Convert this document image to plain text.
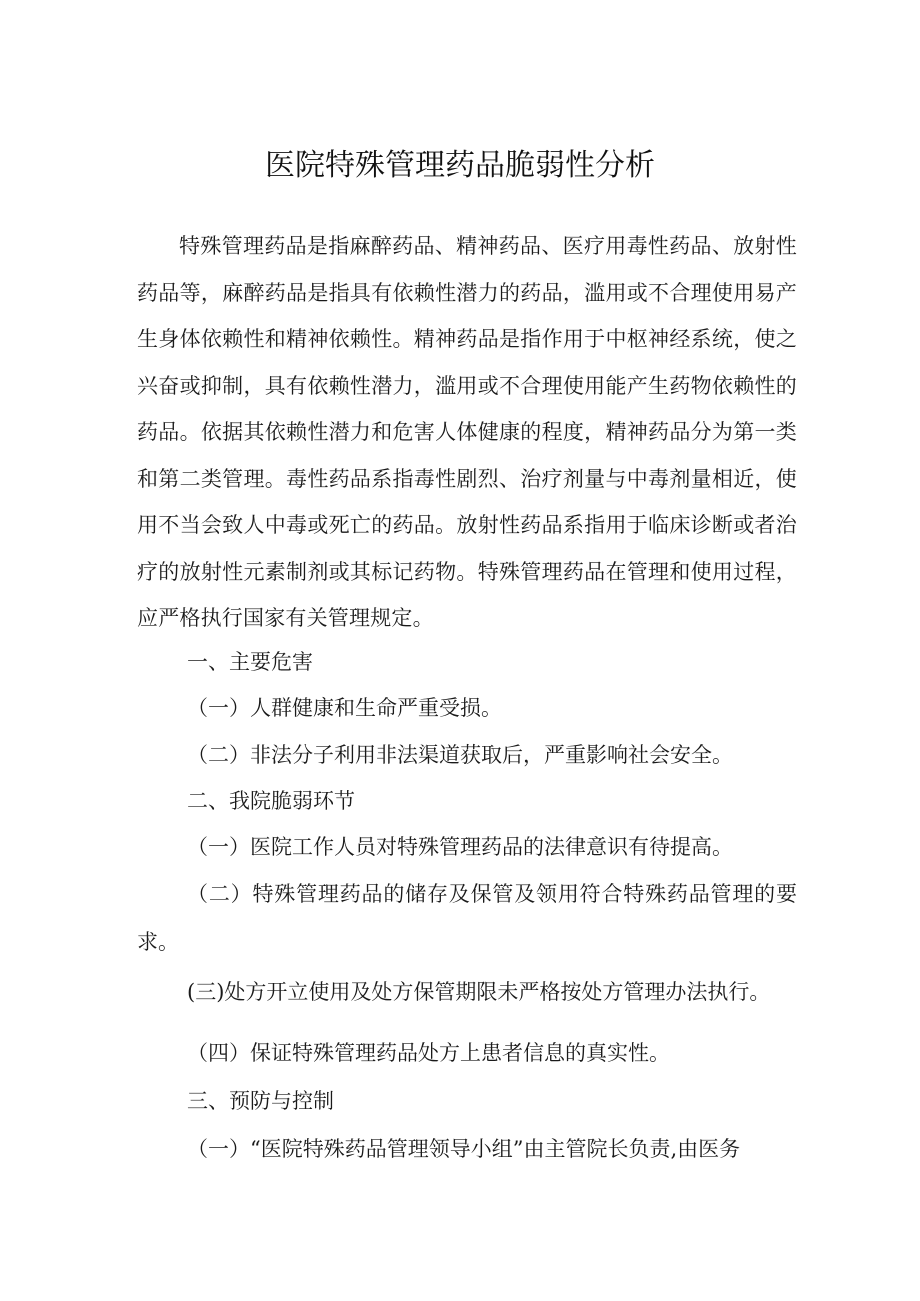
医院特殊管理药品脆弱性分析

特殊管理药品是指麻醉药品、精神药品、医疗用毒性药品、放射性药品等，麻醉药品是指具有依赖性潜力的药品，滥用或不合理使用易产生身体依赖性和精神依赖性。精神药品是指作用于中枢神经系统，使之兴奋或抑制，具有依赖性潜力，滥用或不合理使用能产生药物依赖性的药品。依据其依赖性潜力和危害人体健康的程度，精神药品分为第一类和第二类管理。毒性药品系指毒性剧烈、治疗剂量与中毒剂量相近，使用不当会致人中毒或死亡的药品。放射性药品系指用于临床诊断或者治疗的放射性元素制剂或其标记药物。特殊管理药品在管理和使用过程，应严格执行国家有关管理规定。

一、主要危害

（一）人群健康和生命严重受损。

（二）非法分子利用非法渠道获取后，严重影响社会安全。

二、我院脆弱环节

（一）医院工作人员对特殊管理药品的法律意识有待提高。

（二）特殊管理药品的储存及保管及领用符合特殊药品管理的要求。

(三)处方开立使用及处方保管期限未严格按处方管理办法执行。

（四）保证特殊管理药品处方上患者信息的真实性。

三、预防与控制

（一）“医院特殊药品管理领导小组”由主管院长负责,由医务
